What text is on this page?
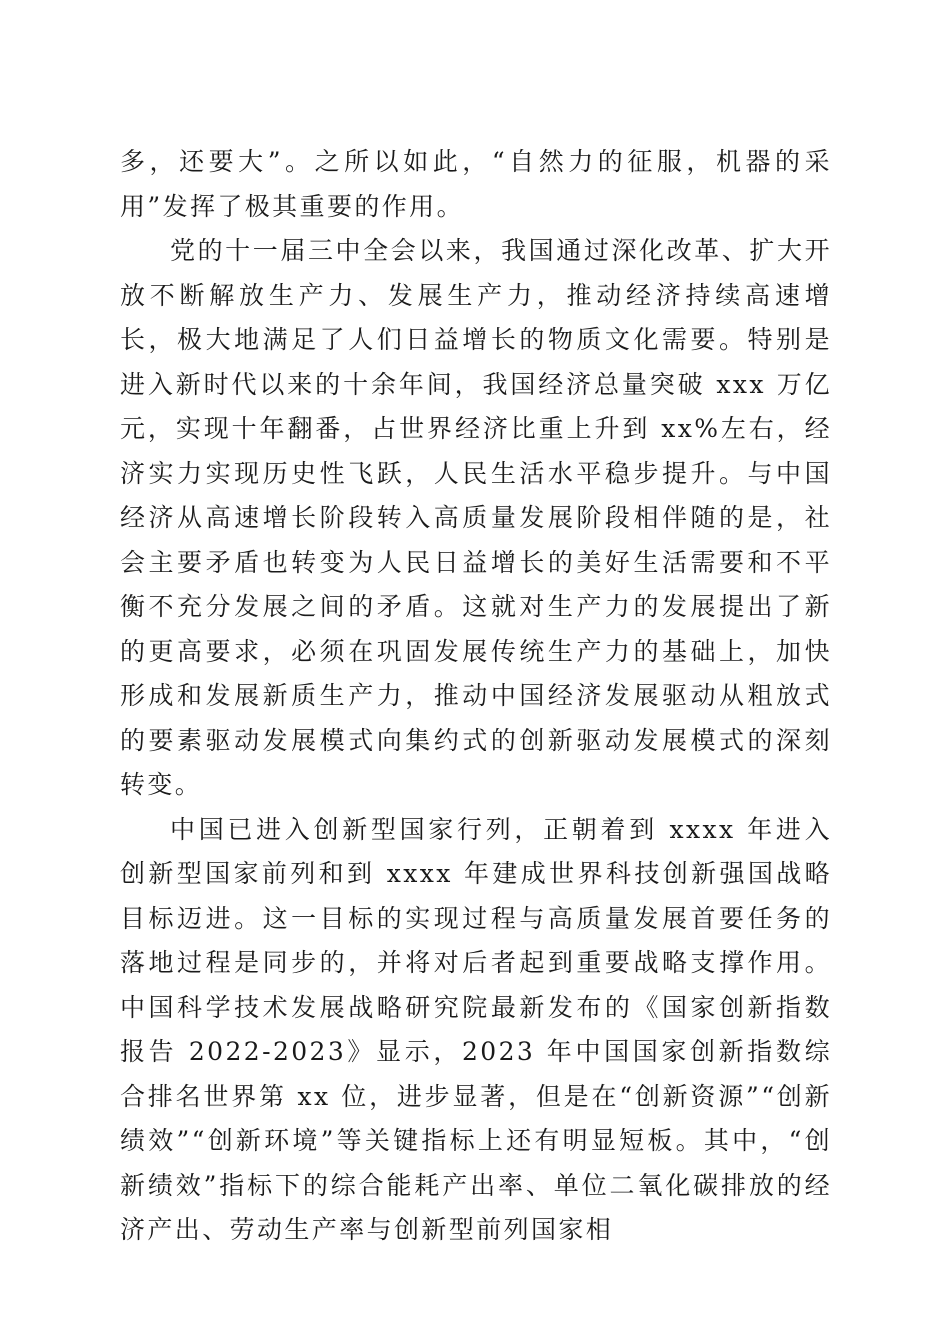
多，还要大”。之所以如此，“自然力的征服，机器的采用”发挥了极其重要的作用。

党的十一届三中全会以来，我国通过深化改革、扩大开放不断解放生产力、发展生产力，推动经济持续高速增长，极大地满足了人们日益增长的物质文化需要。特别是进入新时代以来的十余年间，我国经济总量突破 xxx 万亿元，实现十年翻番，占世界经济比重上升到 xx%左右，经济实力实现历史性飞跃，人民生活水平稳步提升。与中国经济从高速增长阶段转入高质量发展阶段相伴随的是，社会主要矛盾也转变为人民日益增长的美好生活需要和不平衡不充分发展之间的矛盾。这就对生产力的发展提出了新的更高要求，必须在巩固发展传统生产力的基础上，加快形成和发展新质生产力，推动中国经济发展驱动从粗放式的要素驱动发展模式向集约式的创新驱动发展模式的深刻转变。

中国已进入创新型国家行列，正朝着到 xxxx 年进入创新型国家前列和到 xxxx 年建成世界科技创新强国战略目标迈进。这一目标的实现过程与高质量发展首要任务的落地过程是同步的，并将对后者起到重要战略支撑作用。中国科学技术发展战略研究院最新发布的《国家创新指数报告 2022-2023》显示，2023 年中国国家创新指数综合排名世界第 xx 位，进步显著，但是在“创新资源”“创新绩效”“创新环境”等关键指标上还有明显短板。其中，“创新绩效”指标下的综合能耗产出率、单位二氧化碳排放的经济产出、劳动生产率与创新型前列国家相
